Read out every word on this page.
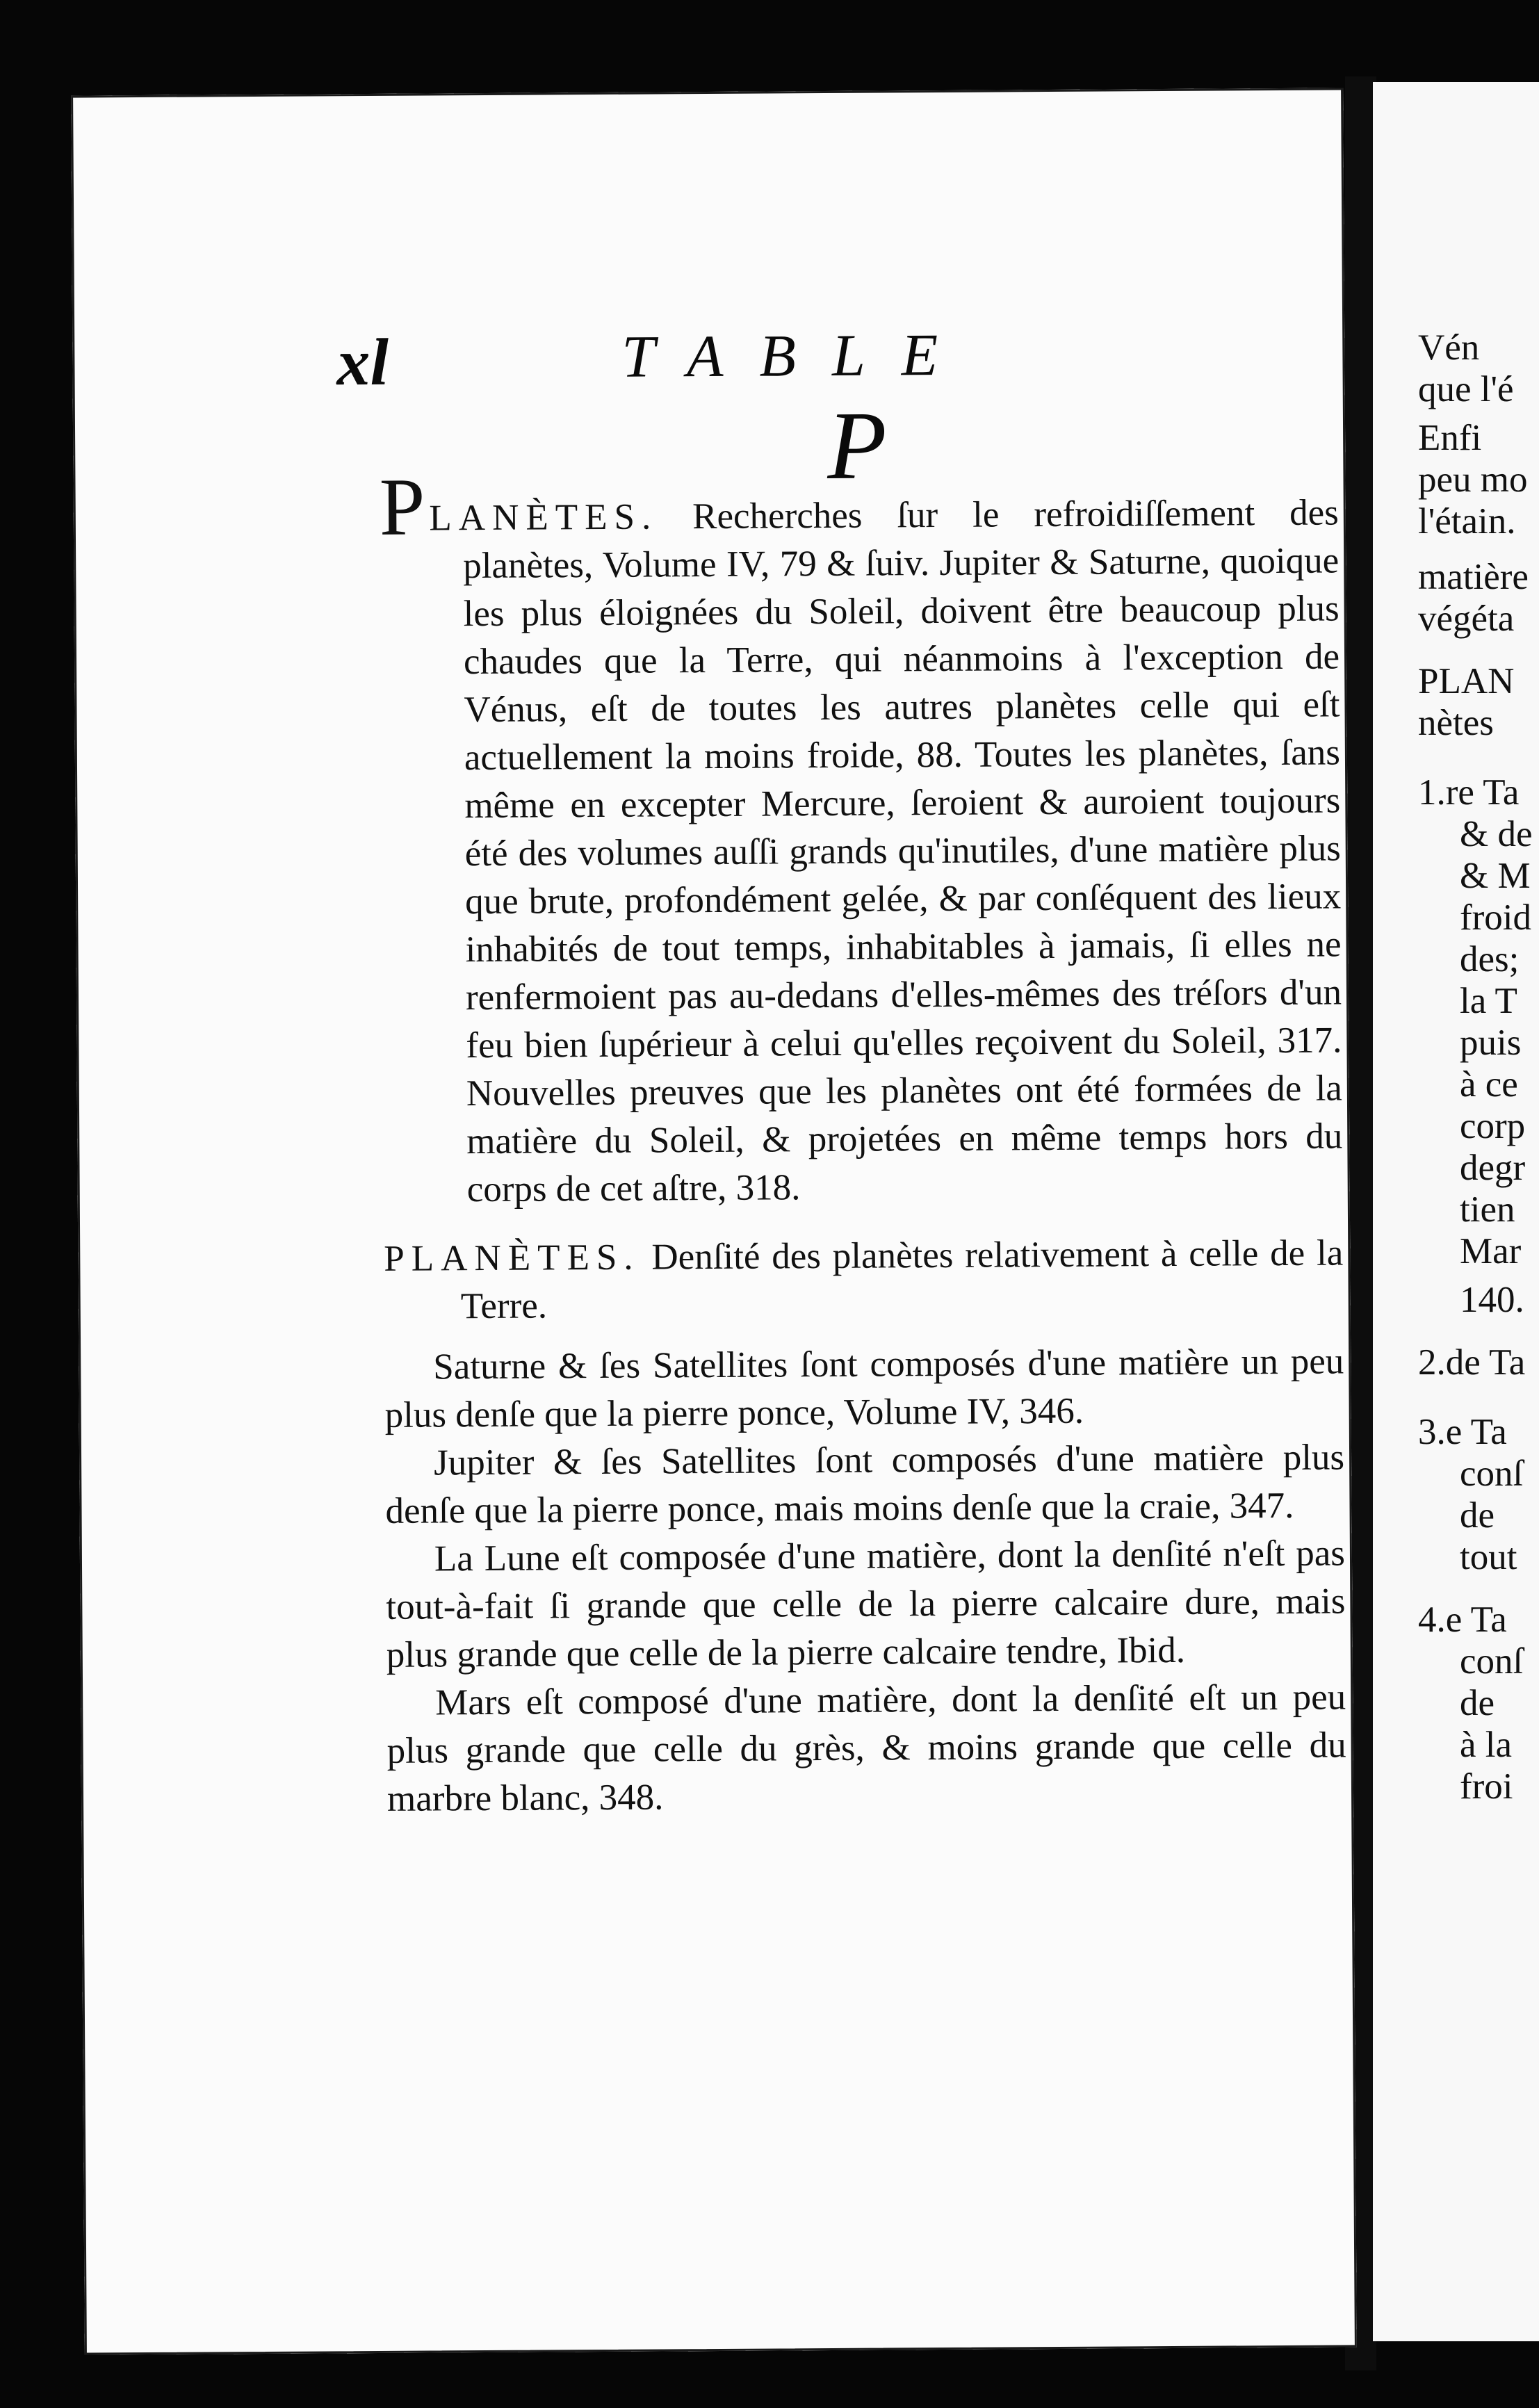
Vén
que l'é
Enfi
peu mo
l'étain.
matière
végéta
PLAN
nètes
1.re Ta
& de
& M
froid
des;
la T
puis
à ce
corp
degr
tien
Mar
140.
2.de Ta
3.e Ta
conſ
de
tout
4.e Ta
conſ
de
à la
froi
xl	TABLE
P

PLANÈTES. Recherches ſur le refroidiſſement des planètes, Volume IV, 79 & ſuiv. Jupiter & Saturne, quoique les plus éloignées du Soleil, doivent être beaucoup plus chaudes que la Terre, qui néanmoins à l'exception de Vénus, eſt de toutes les autres planètes celle qui eſt actuellement la moins froide, 88. Toutes les planètes, ſans même en excepter Mercure, ſeroient & auroient toujours été des volumes auſſi grands qu'inutiles, d'une matière plus que brute, profondément gelée, & par conſéquent des lieux inhabités de tout temps, inhabitables à jamais, ſi elles ne renfermoient pas au-dedans d'elles-mêmes des tréſors d'un feu bien ſupérieur à celui qu'elles reçoivent du Soleil, 317. Nouvelles preuves que les planètes ont été formées de la matière du Soleil, & projetées en même temps hors du corps de cet aſtre, 318.

PLANÈTES. Denſité des planètes relativement à celle de la Terre.

Saturne & ſes Satellites ſont composés d'une matière un peu plus denſe que la pierre ponce, Volume IV, 346.

Jupiter & ſes Satellites ſont composés d'une matière plus denſe que la pierre ponce, mais moins denſe que la craie, 347.

La Lune eſt composée d'une matière, dont la denſité n'eſt pas tout-à-fait ſi grande que celle de la pierre calcaire dure, mais plus grande que celle de la pierre calcaire tendre, Ibid.

Mars eſt composé d'une matière, dont la denſité eſt un peu plus grande que celle du grès, & moins grande que celle du marbre blanc, 348.
